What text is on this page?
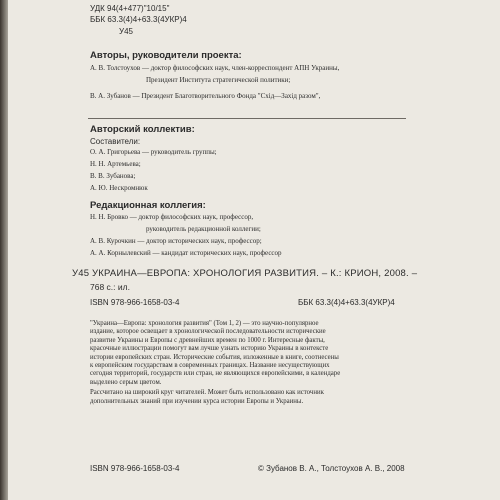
УДК 94(4+477)"10/15"
ББК 63.3(4)4+63.3(4УКР)4
У45
Авторы, руководители проекта:
А. В. Толстоухов — доктор философских наук, член-корреспондент АПН Украины,
Президент Института стратегической политики;
В. А. Зубанов — Президент Благотворительного Фонда "Схід—Захід разом",
Авторский коллектив:
Составители:
О. А. Григорьева — руководитель группы;
Н. Н. Артемьева;
В. В. Зубанова;
А. Ю. Нескромнюк
Редакционная коллегия:
Н. Н. Бровко — доктор философских наук, профессор,
руководитель редакционной коллегии;
А. В. Курочкин — доктор исторических наук, профессор;
А. А. Корнылевский — кандидат исторических наук, профессор
У45 УКРАИНА—ЕВРОПА: ХРОНОЛОГИЯ РАЗВИТИЯ. – К.: КРИОН, 2008. –
768 с.: ил.
ISBN 978-966-1658-03-4	ББК 63.3(4)4+63.3(4УКР)4
"Украина—Европа: хронология развития" (Том 1, 2) — это научно-популярное
издание, которое освещает в хронологической последовательности исторические
развитие Украины и Европы с древнейших времен по 1000 г. Интересные факты,
красочные иллюстрации помогут вам лучше узнать историю Украины в контексте
истории европейских стран. Исторические события, изложенные в книге, соотнесены
к европейским государствам в современных границах. Название несуществующих
сегодня территорий, государств или стран, не являющихся европейскими, в календаре
выделено серым цветом.
Рассчитано на широкий круг читателей. Может быть использовано как источник
дополнительных знаний при изучении курса истории Европы и Украины.
ISBN 978-966-1658-03-4	© Зубанов В. А., Толстоухов А. В., 2008
